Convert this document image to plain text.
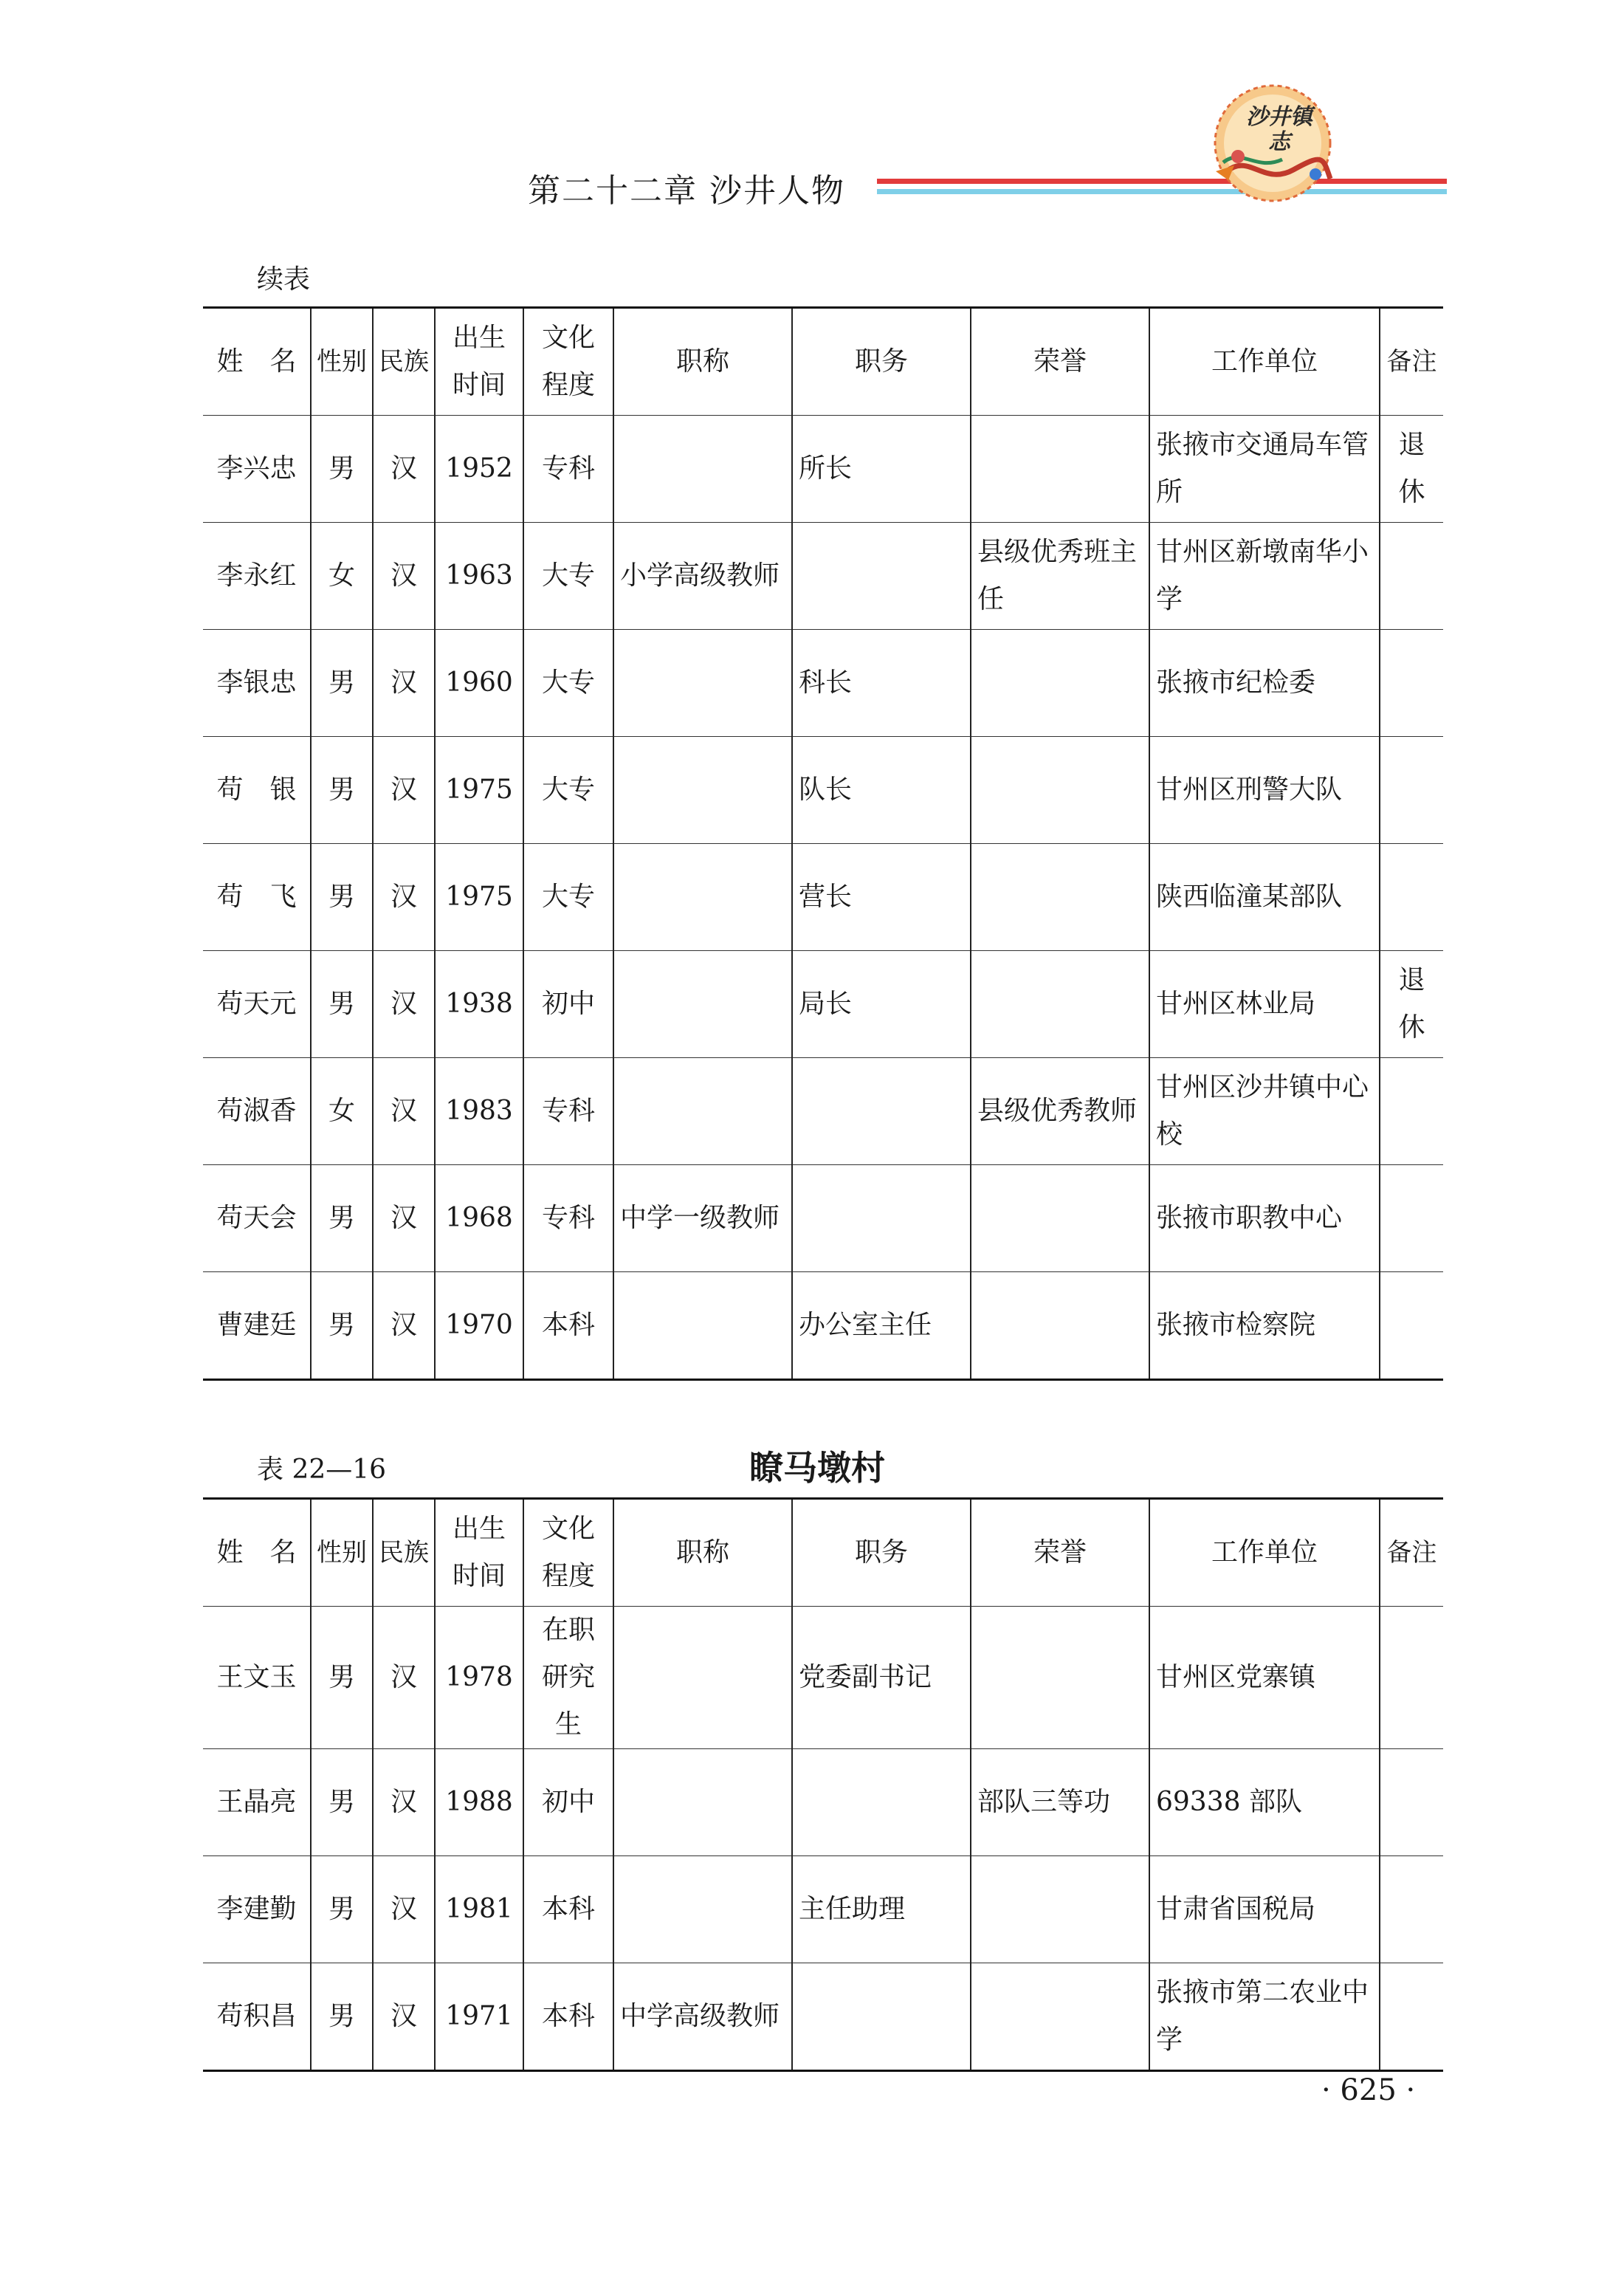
第二十二章 沙井人物
沙井镇志
续表
姓　名	性别	民族	出生时间	文化程度	职称	职务	荣誉	工作单位	备注
李兴忠	男	汉	1952	专科		所长		张掖市交通局车管所	退休
李永红	女	汉	1963	大专	小学高级教师		县级优秀班主任	甘州区新墩南华小学	
李银忠	男	汉	1960	大专		科长		张掖市纪检委	
苟　银	男	汉	1975	大专		队长		甘州区刑警大队	
苟　飞	男	汉	1975	大专		营长		陕西临潼某部队	
苟天元	男	汉	1938	初中		局长		甘州区林业局	退休
苟淑香	女	汉	1983	专科			县级优秀教师	甘州区沙井镇中心校	
苟天会	男	汉	1968	专科	中学一级教师			张掖市职教中心	
曹建廷	男	汉	1970	本科		办公室主任		张掖市检察院	
表 22—16	瞭马墩村
姓　名	性别	民族	出生时间	文化程度	职称	职务	荣誉	工作单位	备注
王文玉	男	汉	1978	在职研究生		党委副书记		甘州区党寨镇	
王晶亮	男	汉	1988	初中			部队三等功	69338 部队	
李建勤	男	汉	1981	本科		主任助理		甘肃省国税局	
苟积昌	男	汉	1971	本科	中学高级教师			张掖市第二农业中学	
· 625 ·
